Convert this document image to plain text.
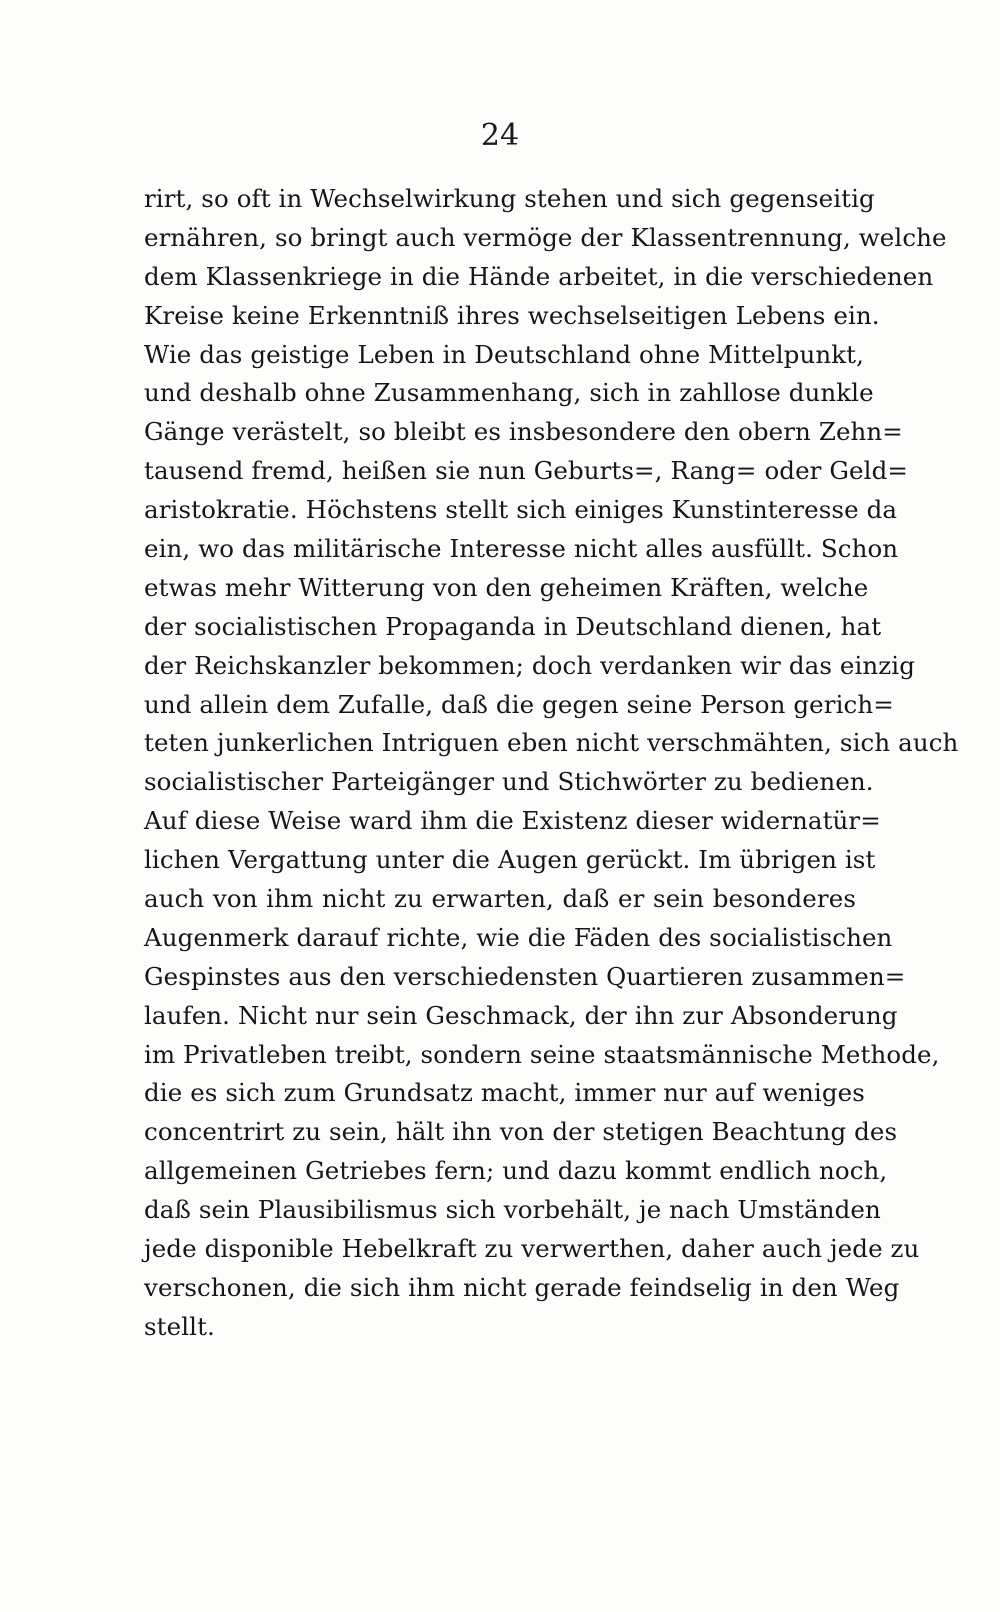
24
rirt, so oft in Wechselwirkung stehen und sich gegenseitig
ernähren, so bringt auch vermöge der Klassentrennung, welche
dem Klassenkriege in die Hände arbeitet, in die verschiedenen
Kreise keine Erkenntniß ihres wechselseitigen Lebens ein.
Wie das geistige Leben in Deutschland ohne Mittelpunkt,
und deshalb ohne Zusammenhang, sich in zahllose dunkle
Gänge verästelt, so bleibt es insbesondere den obern Zehn=
tausend fremd, heißen sie nun Geburts=, Rang= oder Geld=
aristokratie. Höchstens stellt sich einiges Kunstinteresse da
ein, wo das militärische Interesse nicht alles ausfüllt. Schon
etwas mehr Witterung von den geheimen Kräften, welche
der socialistischen Propaganda in Deutschland dienen, hat
der Reichskanzler bekommen; doch verdanken wir das einzig
und allein dem Zufalle, daß die gegen seine Person gerich=
teten junkerlichen Intriguen eben nicht verschmähten, sich auch
socialistischer Parteigänger und Stichwörter zu bedienen.
Auf diese Weise ward ihm die Existenz dieser widernatür=
lichen Vergattung unter die Augen gerückt. Im übrigen ist
auch von ihm nicht zu erwarten, daß er sein besonderes
Augenmerk darauf richte, wie die Fäden des socialistischen
Gespinstes aus den verschiedensten Quartieren zusammen=
laufen. Nicht nur sein Geschmack, der ihn zur Absonderung
im Privatleben treibt, sondern seine staatsmännische Methode,
die es sich zum Grundsatz macht, immer nur auf weniges
concentrirt zu sein, hält ihn von der stetigen Beachtung des
allgemeinen Getriebes fern; und dazu kommt endlich noch,
daß sein Plausibilismus sich vorbehält, je nach Umständen
jede disponible Hebelkraft zu verwerthen, daher auch jede zu
verschonen, die sich ihm nicht gerade feindselig in den Weg
stellt.
